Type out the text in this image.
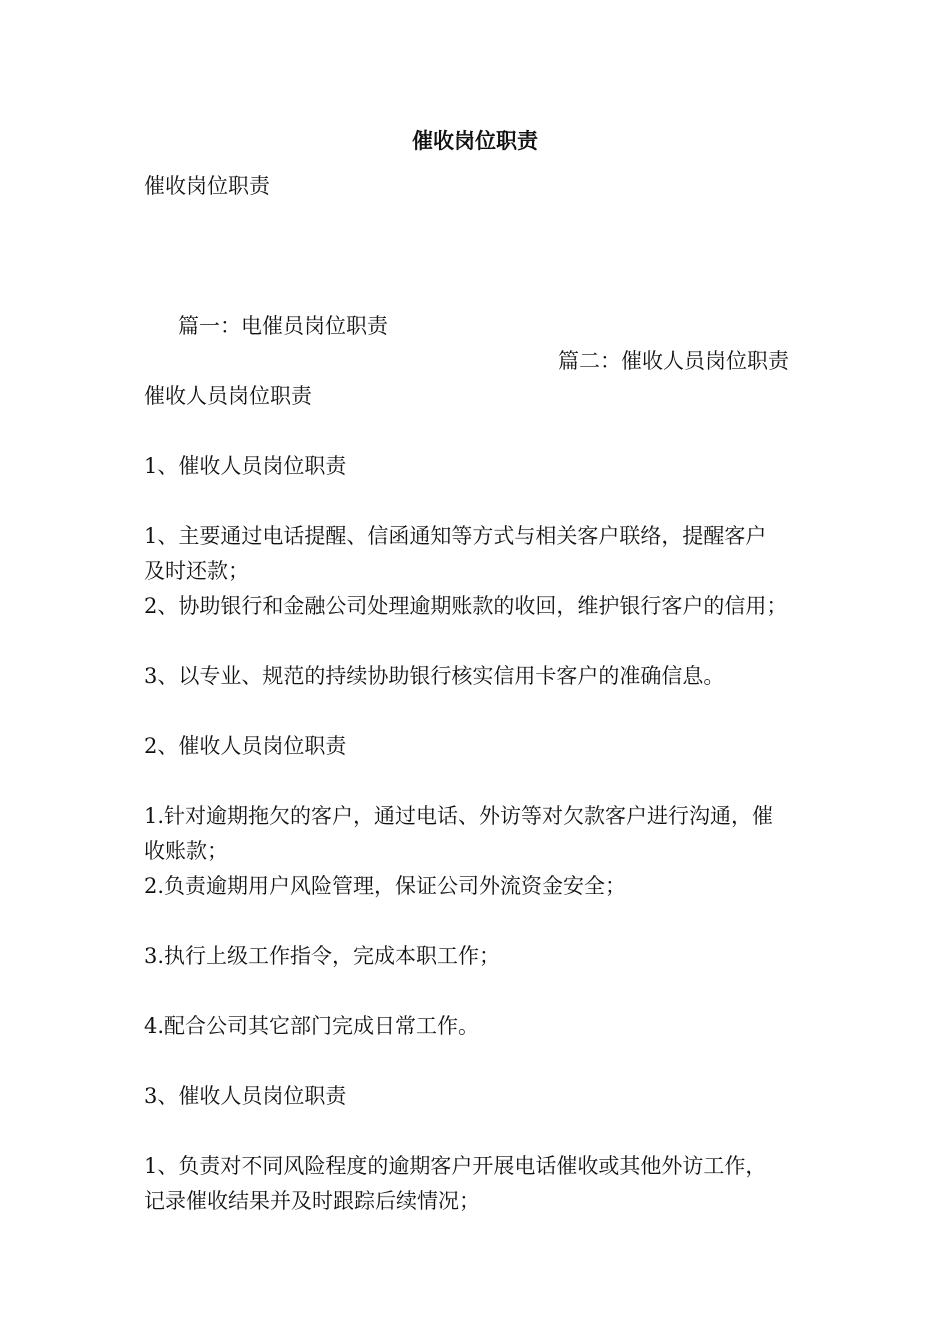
催收岗位职责
催收岗位职责
篇一：电催员岗位职责
篇二：催收人员岗位职责
催收人员岗位职责
1、催收人员岗位职责
1、主要通过电话提醒、信函通知等方式与相关客户联络，提醒客户
及时还款；
2、协助银行和金融公司处理逾期账款的收回，维护银行客户的信用；
3、以专业、规范的持续协助银行核实信用卡客户的准确信息。
2、催收人员岗位职责
1.针对逾期拖欠的客户，通过电话、外访等对欠款客户进行沟通，催
收账款；
2.负责逾期用户风险管理，保证公司外流资金安全；
3.执行上级工作指令，完成本职工作；
4.配合公司其它部门完成日常工作。
3、催收人员岗位职责
1、负责对不同风险程度的逾期客户开展电话催收或其他外访工作，
记录催收结果并及时跟踪后续情况；
